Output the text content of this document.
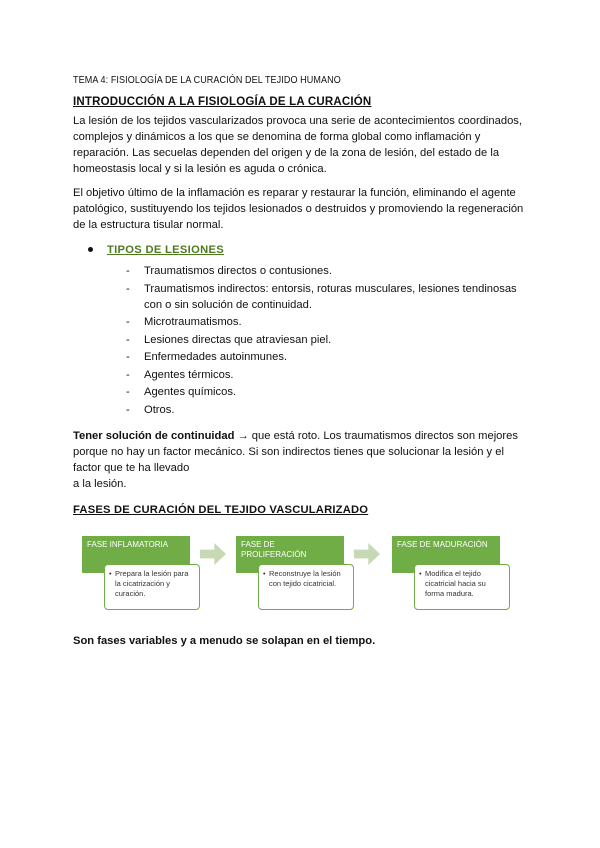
TEMA 4: FISIOLOGÍA DE LA CURACIÓN DEL TEJIDO HUMANO
INTRODUCCIÓN A LA FISIOLOGÍA DE LA CURACIÓN

La lesión de los tejidos vascularizados provoca una serie de acontecimientos coordinados, complejos y dinámicos a los que se denomina de forma global como inflamación y reparación. Las secuelas dependen del origen y de la zona de lesión, del estado de la homeostasis local y si la lesión es aguda o crónica.

El objetivo último de la inflamación es reparar y restaurar la función, eliminando el agente patológico, sustituyendo los tejidos lesionados o destruidos y promoviendo la regeneración de la estructura tisular normal.

TIPOS DE LESIONES
- Traumatismos directos o contusiones.
- Traumatismos indirectos: entorsis, roturas musculares, lesiones tendinosas con o sin solución de continuidad.
- Microtraumatismos.
- Lesiones directas que atraviesan piel.
- Enfermedades autoinmunes.
- Agentes térmicos.
- Agentes químicos.
- Otros.

Tener solución de continuidad → que está roto. Los traumatismos directos son mejores porque no hay un factor mecánico. Si son indirectos tienes que solucionar la lesión y el factor que te ha llevado
a la lesión.

FASES DE CURACIÓN DEL TEJIDO VASCULARIZADO
FASE INFLAMATORIA
• Prepara la lesión para la cicatrización y curación.
FASE DE PROLIFERACIÓN
• Reconstruye la lesión con tejido cicatricial.
FASE DE MADURACIÓN
• Modifica el tejido cicatricial hacia su forma madura.
Son fases variables y a menudo se solapan en el tiempo.
